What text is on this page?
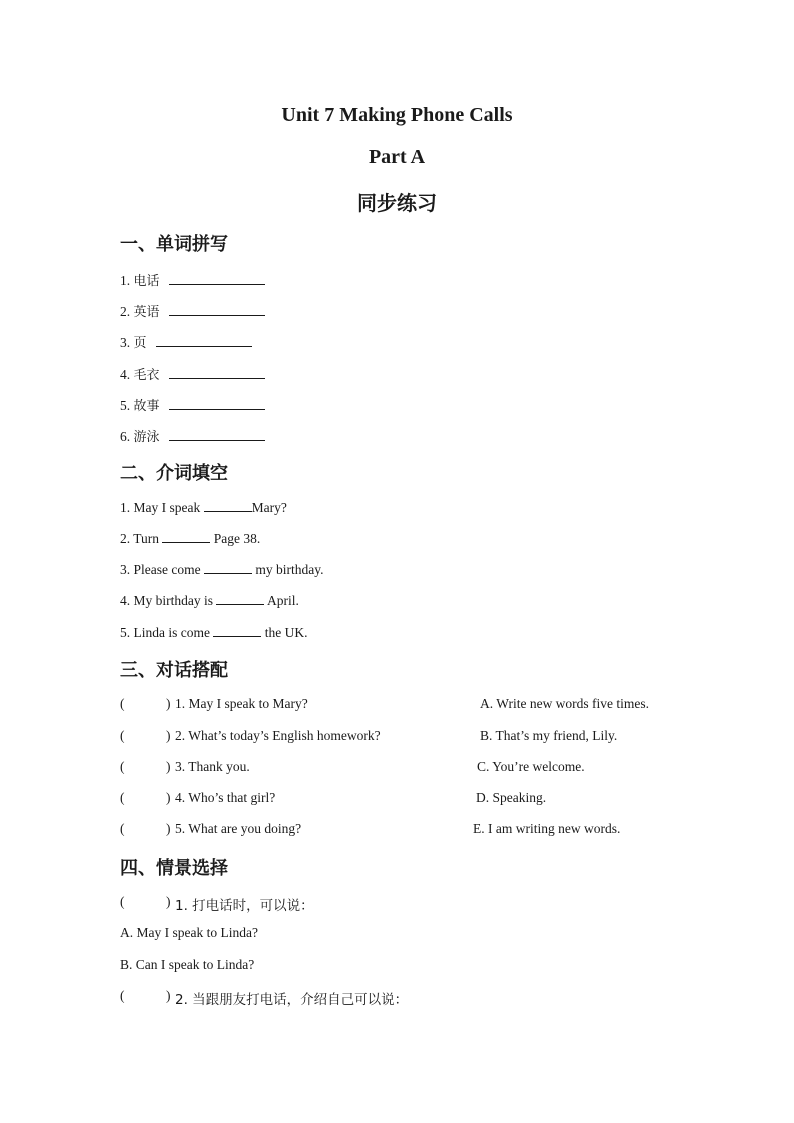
Unit 7 Making Phone Calls
Part A
同步练习
一、单词拼写
1. 电话
2. 英语
3. 页
4. 毛衣
5. 故事
6. 游泳
二、介词填空
1. May I speak	Mary?
2. Turn	Page 38.
3. Please come	my birthday.
4. My birthday is	April.
5. Linda is come	the UK.
三、对话搭配
(	) 1. May I speak to Mary?	A. Write new words five times.
(	) 2. What’s today’s English homework?	B. That’s my friend, Lily.
(	) 3. Thank you.	C. You’re welcome.
(	) 4. Who’s that girl?	D. Speaking.
(	) 5. What are you doing?	E. I am writing new words.
四、情景选择
(	) 1. 打电话时，可以说：
A. May I speak to Linda?
B. Can I speak to Linda?
(	) 2. 当跟朋友打电话，介绍自己可以说：
